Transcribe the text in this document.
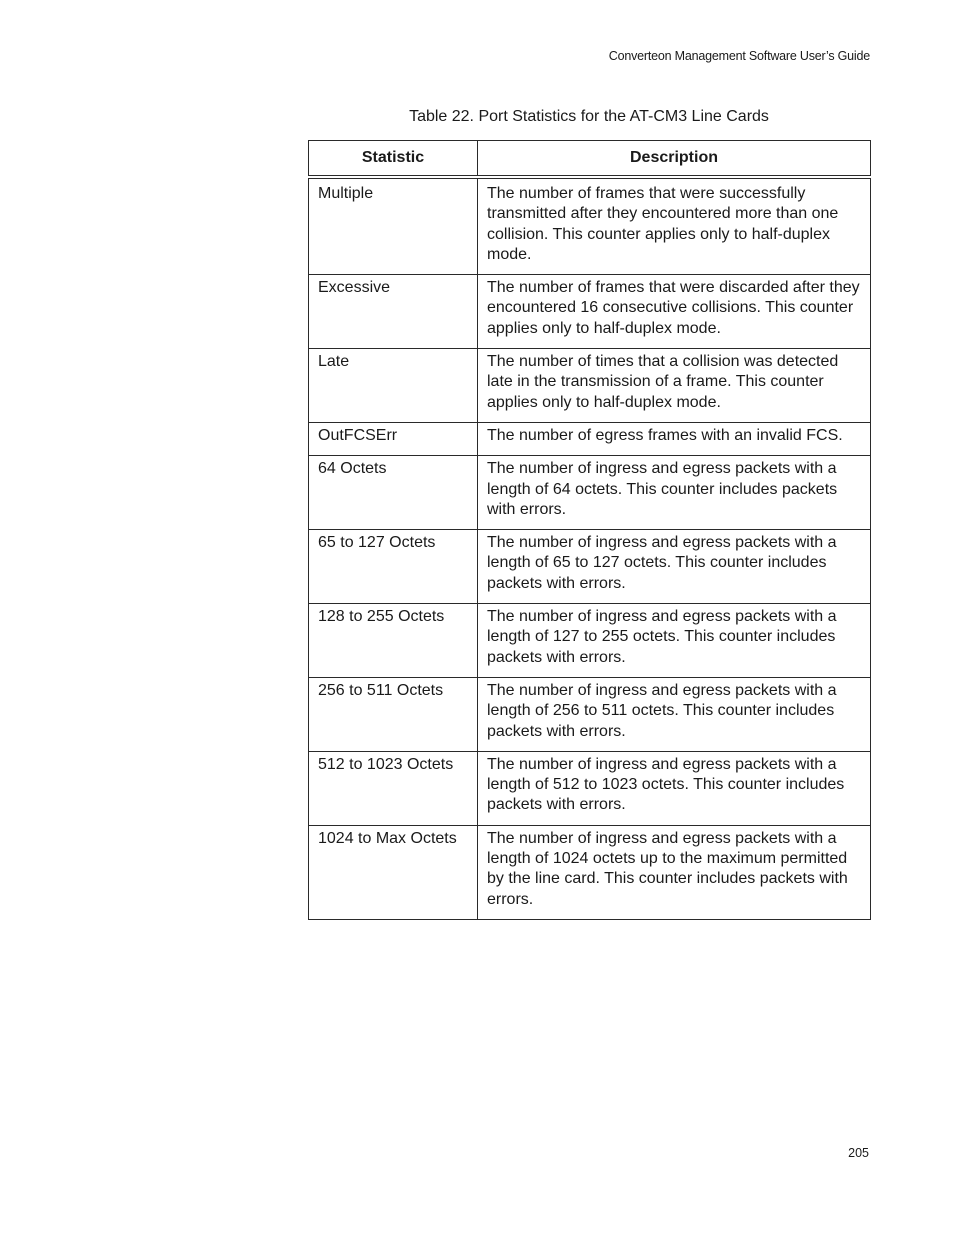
Converteon Management Software User’s Guide
Table 22. Port Statistics for the AT-CM3 Line Cards
Statistic	Description
Multiple	The number of frames that were successfully transmitted after they encountered more than one collision. This counter applies only to half-duplex mode.
Excessive	The number of frames that were discarded after they encountered 16 consecutive collisions. This counter applies only to half-duplex mode.
Late	The number of times that a collision was detected late in the transmission of a frame. This counter applies only to half-duplex mode.
OutFCSErr	The number of egress frames with an invalid FCS.
64 Octets	The number of ingress and egress packets with a length of 64 octets. This counter includes packets with errors.
65 to 127 Octets	The number of ingress and egress packets with a length of 65 to 127 octets. This counter includes packets with errors.
128 to 255 Octets	The number of ingress and egress packets with a length of 127 to 255 octets. This counter includes packets with errors.
256 to 511 Octets	The number of ingress and egress packets with a length of 256 to 511 octets. This counter includes packets with errors.
512 to 1023 Octets	The number of ingress and egress packets with a length of 512 to 1023 octets. This counter includes packets with errors.
1024 to Max Octets	The number of ingress and egress packets with a length of 1024 octets up to the maximum permitted by the line card. This counter includes packets with errors.
205
